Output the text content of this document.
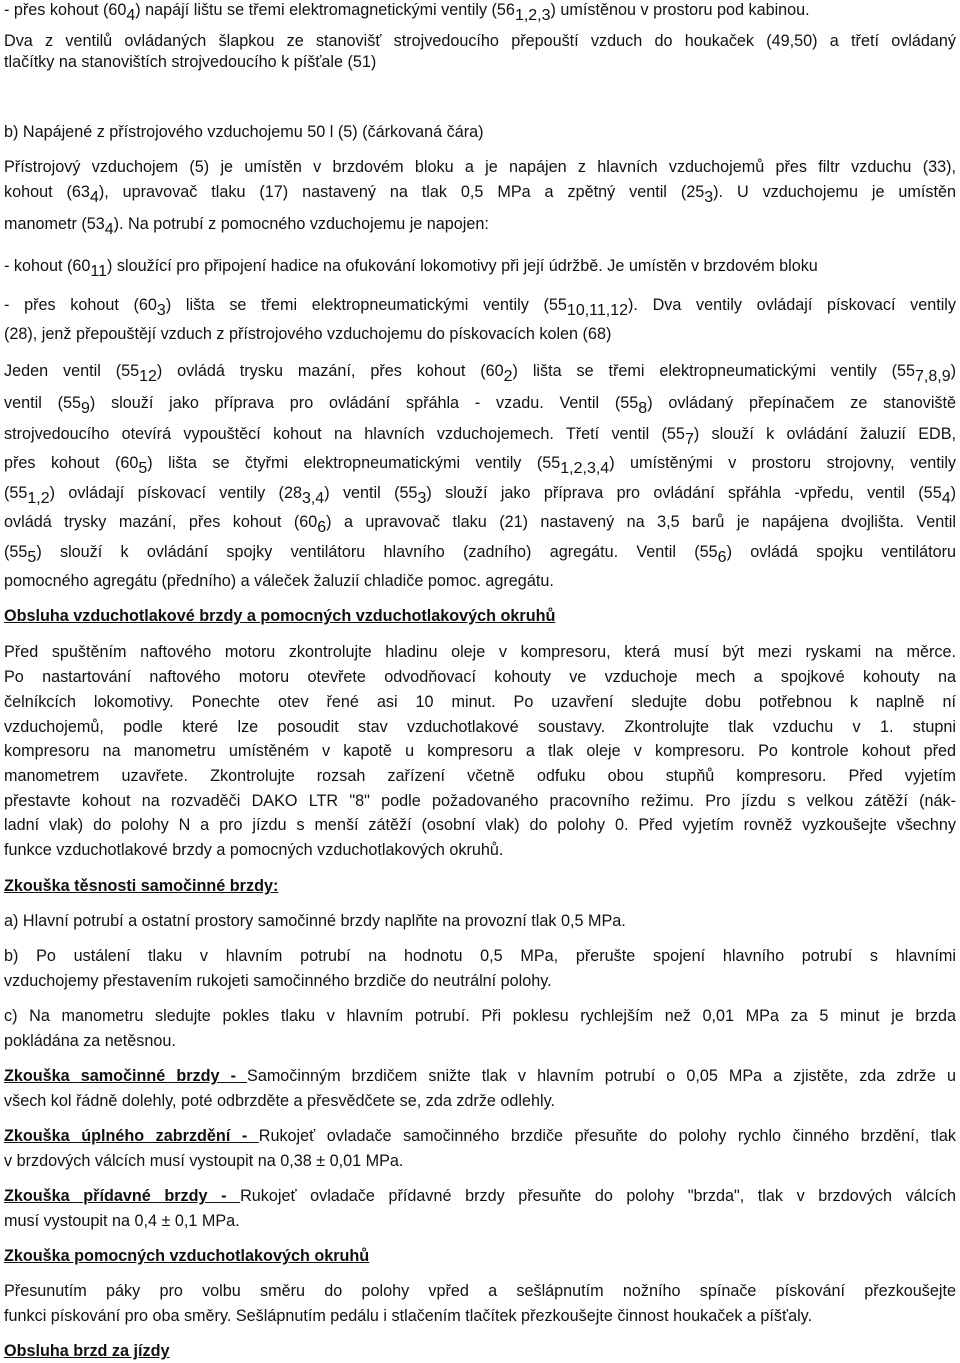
- přes kohout (604) napájí lištu se třemi elektromagnetickými ventily (561,2,3) umístěnou v prostoru pod kabinou.
Dva z ventilů ovládaných šlapkou ze stanovišť strojvedoucího přepouští vzduch do houkaček (49,50) a třetí ovládaný
tlačítky na stanovištích strojvedoucího k píšťale (51)
b) Napájené z přístrojového vzduchojemu 50 l (5) (čárkovaná čára)
Přístrojový vzduchojem (5) je umístěn v brzdovém bloku a je napájen z hlavních vzduchojemů přes filtr vzduchu (33),
kohout (634), upravovač tlaku (17) nastavený na tlak 0,5 MPa a zpětný ventil (253). U vzduchojemu je umístěn
manometr (534). Na potrubí z pomocného vzduchojemu je napojen:
- kohout (6011) sloužící pro připojení hadice na ofukování lokomotivy při její údržbě. Je umístěn v brzdovém bloku
- přes kohout (603) lišta se třemi elektropneumatickými ventily (5510,11,12). Dva ventily ovládají pískovací ventily
(28), jenž přepouštějí vzduch z přístrojového vzduchojemu do pískovacích kolen (68)
Jeden ventil (5512) ovládá trysku mazání, přes kohout (602) lišta se třemi elektropneumatickými ventily (557,8,9)
ventil (559) slouží jako příprava pro ovládání spřáhla - vzadu. Ventil (558) ovládaný přepínačem ze stanoviště
strojvedoucího otevírá vypouštěcí kohout na hlavních vzduchojemech. Třetí ventil (557) slouží k ovládání žaluzií EDB,
přes kohout (605) lišta se čtyřmi elektropneumatickými ventily (551,2,3,4) umístěnými v prostoru strojovny, ventily
(551,2) ovládají pískovací ventily (283,4) ventil (553) slouží jako příprava pro ovládání spřáhla -vpředu, ventil (554)
ovládá trysky mazání, přes kohout (606) a upravovač tlaku (21) nastavený na 3,5 barů je napájena dvojlišta. Ventil
(555) slouží k ovládání spojky ventilátoru hlavního (zadního) agregátu. Ventil (556) ovládá spojku ventilátoru
pomocného agregátu (předního) a váleček žaluzií chladiče pomoc. agregátu.
Obsluha vzduchotlakové brzdy a pomocných vzduchotlakových okruhů
Před spuštěním naftového motoru zkontrolujte hladinu oleje v kompresoru, která musí být mezi ryskami na měrce.
Po nastartování naftového motoru otevřete odvodňovací kohouty ve vzduchoje mech a spojkové kohouty na
čelníkcích lokomotivy. Ponechte otev řené asi 10 minut. Po uzavření sledujte dobu potřebnou k naplně ní
vzduchojemů, podle které lze posoudit stav vzduchotlakové soustavy. Zkontrolujte tlak vzduchu v 1. stupni
kompresoru na manometru umístěném v kapotě u kompresoru a tlak oleje v kompresoru. Po kontrole kohout před
manometrem uzavřete. Zkontrolujte rozsah zařízení včetně odfuku obou stupňů kompresoru. Před vyjetím
přestavte kohout na rozvaděči DAKO LTR "8" podle požadovaného pracovního režimu. Pro jízdu s velkou zátěží (nák-
ladní vlak) do polohy N a pro jízdu s menší zátěží (osobní vlak) do polohy 0. Před vyjetím rovněž vyzkoušejte všechny
funkce vzduchotlakové brzdy a pomocných vzduchotlakových okruhů.
Zkouška těsnosti samočinné brzdy:
a) Hlavní potrubí a ostatní prostory samočinné brzdy naplňte na provozní tlak 0,5 MPa.
b) Po ustálení tlaku v hlavním potrubí na hodnotu 0,5 MPa, přerušte spojení hlavního potrubí s hlavními
vzduchojemy přestavením rukojeti samočinného brzdiče do neutrální polohy.
c) Na manometru sledujte pokles tlaku v hlavním potrubí. Při poklesu rychlejším než 0,01 MPa za 5 minut je brzda
pokládána za netěsnou.
Zkouška samočinné brzdy - Samočinným brzdičem snižte tlak v hlavním potrubí o 0,05 MPa a zjistěte, zda zdrže u
všech kol řádně dolehly, poté odbrzděte a přesvědčete se, zda zdrže odlehly.
Zkouška úplného zabrzdění - Rukojeť ovladače samočinného brzdiče přesuňte do polohy rychlo činného brzdění, tlak
v brzdových válcích musí vystoupit na 0,38 ± 0,01 MPa.
Zkouška přídavné brzdy - Rukojeť ovladače přídavné brzdy přesuňte do polohy "brzda", tlak v brzdových válcích
musí vystoupit na 0,4 ± 0,1 MPa.
Zkouška pomocných vzduchotlakových okruhů
Přesunutím páky pro volbu směru do polohy vpřed a sešlápnutím nožního spínače pískování přezkoušejte
funkci pískování pro oba směry. Sešlápnutím pedálu i stlačením tlačítek přezkoušejte činnost houkaček a píšťaly.
Obsluha brzd za jízdy
